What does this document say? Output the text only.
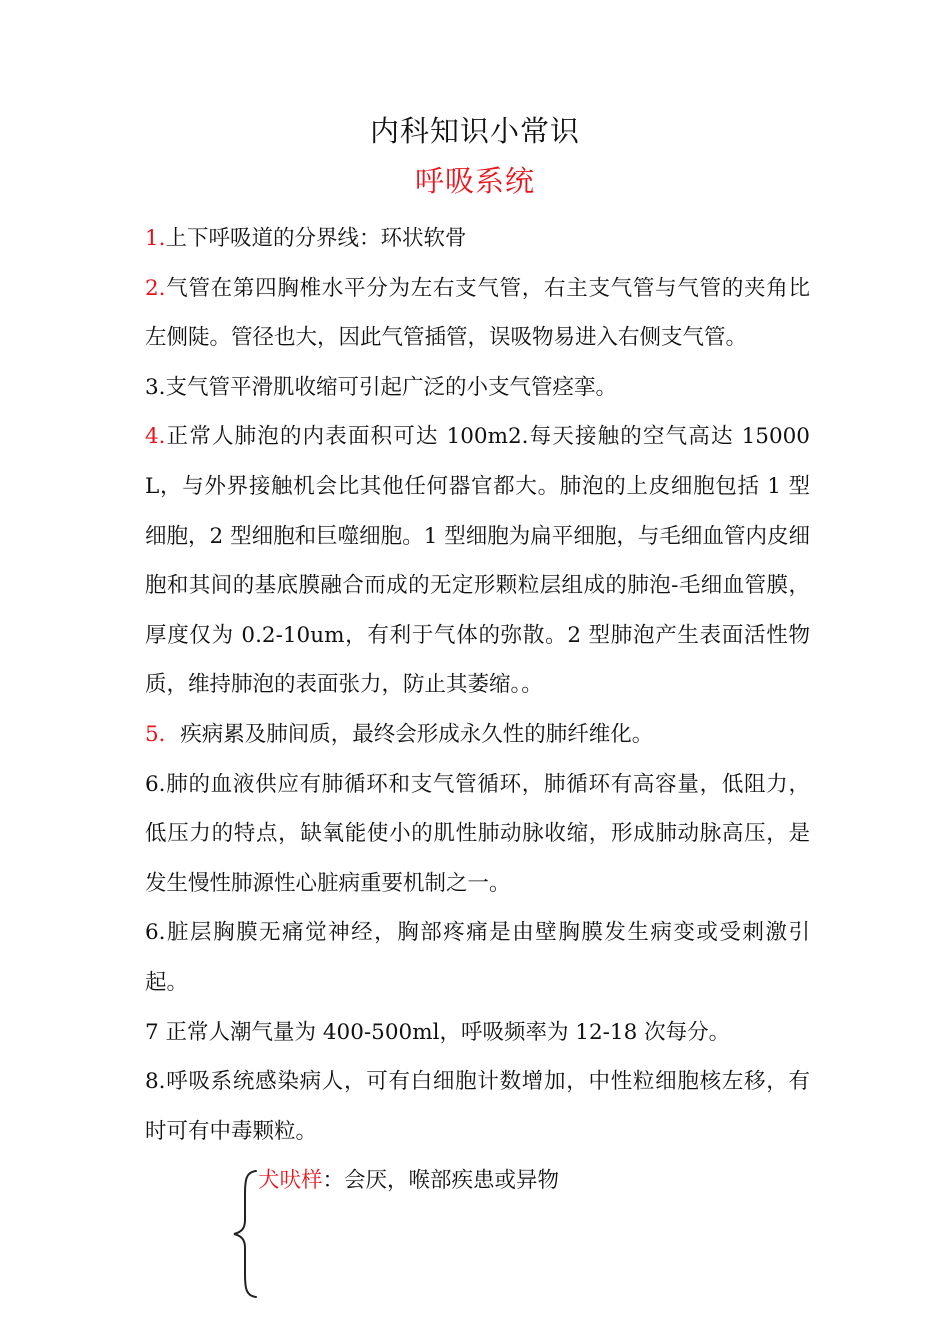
内科知识小常识
呼吸系统

1.上下呼吸道的分界线：环状软骨

2.气管在第四胸椎水平分为左右支气管，右主支气管与气管的夹角比左侧陡。管径也大，因此气管插管，误吸物易进入右侧支气管。

3.支气管平滑肌收缩可引起广泛的小支气管痉挛。

4.正常人肺泡的内表面积可达 100m2.每天接触的空气高达 15000L，与外界接触机会比其他任何器官都大。肺泡的上皮细胞包括 1 型细胞，2 型细胞和巨噬细胞。1 型细胞为扁平细胞，与毛细血管内皮细胞和其间的基底膜融合而成的无定形颗粒层组成的肺泡-毛细血管膜，厚度仅为 0.2-10um，有利于气体的弥散。2 型肺泡产生表面活性物质，维持肺泡的表面张力，防止其萎缩。。

5．疾病累及肺间质，最终会形成永久性的肺纤维化。

6.肺的血液供应有肺循环和支气管循环，肺循环有高容量，低阻力，低压力的特点，缺氧能使小的肌性肺动脉收缩，形成肺动脉高压，是发生慢性肺源性心脏病重要机制之一。

6.脏层胸膜无痛觉神经，胸部疼痛是由壁胸膜发生病变或受刺激引起。

7 正常人潮气量为 400-500ml，呼吸频率为 12-18 次每分。

8.呼吸系统感染病人，可有白细胞计数增加，中性粒细胞核左移，有时可有中毒颗粒。

犬吠样：会厌，喉部疾患或异物
